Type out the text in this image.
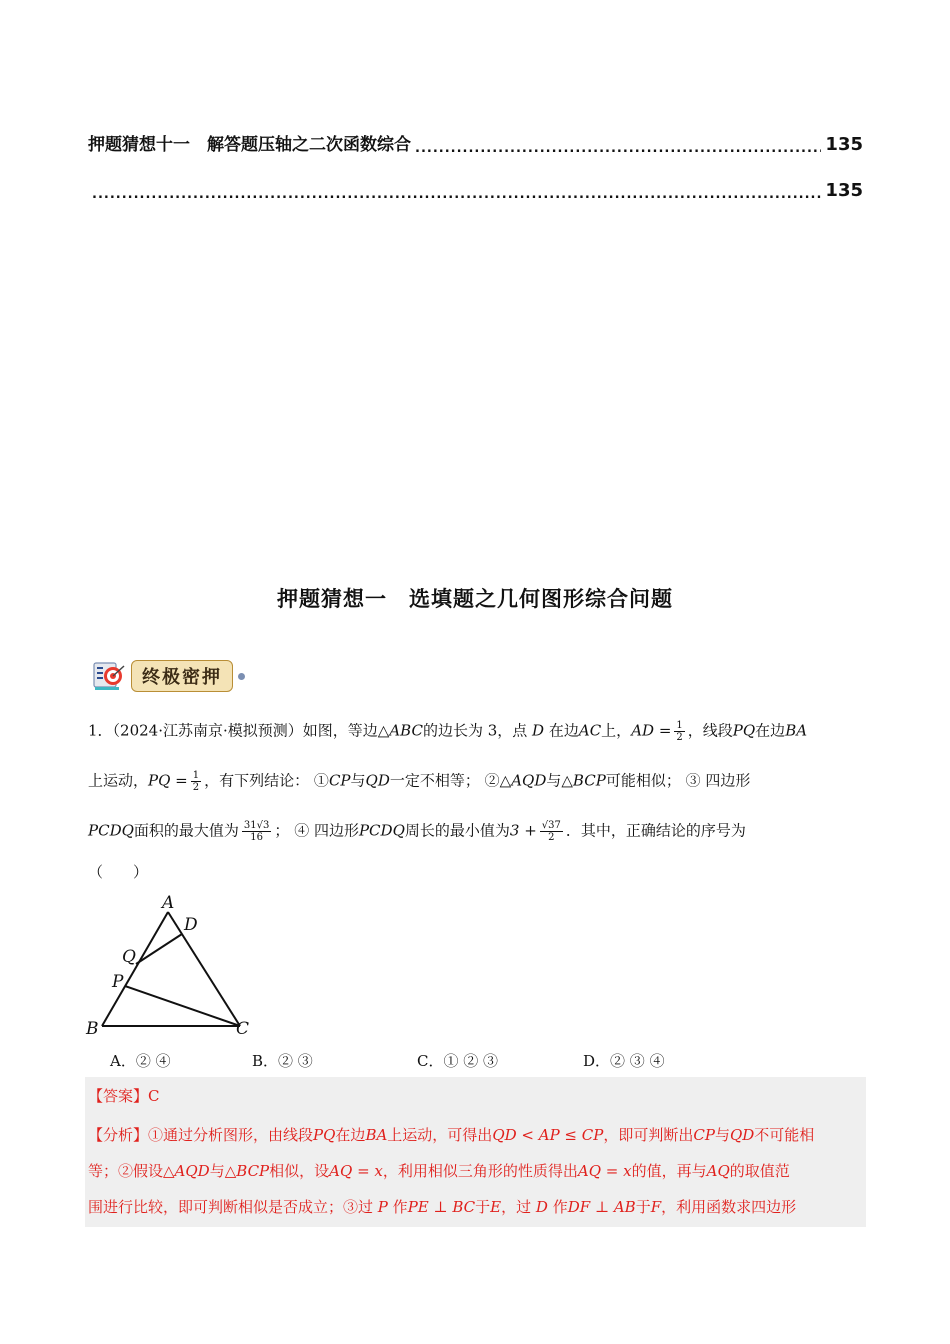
押题猜想十一　解答题压轴之二次函数综合
.....	135
.....
135
押题猜想一　选填题之几何图形综合问题
终极密押
1．（2024·江苏南京·模拟预测）如图，等边△ABC的边长为 3，点 D 在边AC上，AD = $\frac{1}{2}$ ，线段PQ在边BA
上运动，PQ = $\frac{1}{2}$ ，有下列结论： ①CP与QD一定不相等； ②△AQD与△BCP可能相似； ③ 四边形
PCDQ面积的最大值为 $\frac{31√3}{16}$ ； ④ 四边形PCDQ周长的最小值为$3 + \frac{√37}{2}$ ．其中，正确结论的序号为
（　　）
A
D
Q
P
B	C
A．② ④	B．② ③	C．① ② ③	D．② ③ ④
【答案】C
【分析】①通过分析图形，由线段PQ在边BA上运动，可得出QD < AP ≤ CP，即可判断出CP与QD不可能相
等；②假设△AQD与△BCP相似，设AQ = x，利用相似三角形的性质得出AQ = x的值，再与AQ的取值范
围进行比较，即可判断相似是否成立；③过 P 作PE ⊥ BC于E，过 D 作DF ⊥ AB于F，利用函数求四边形
